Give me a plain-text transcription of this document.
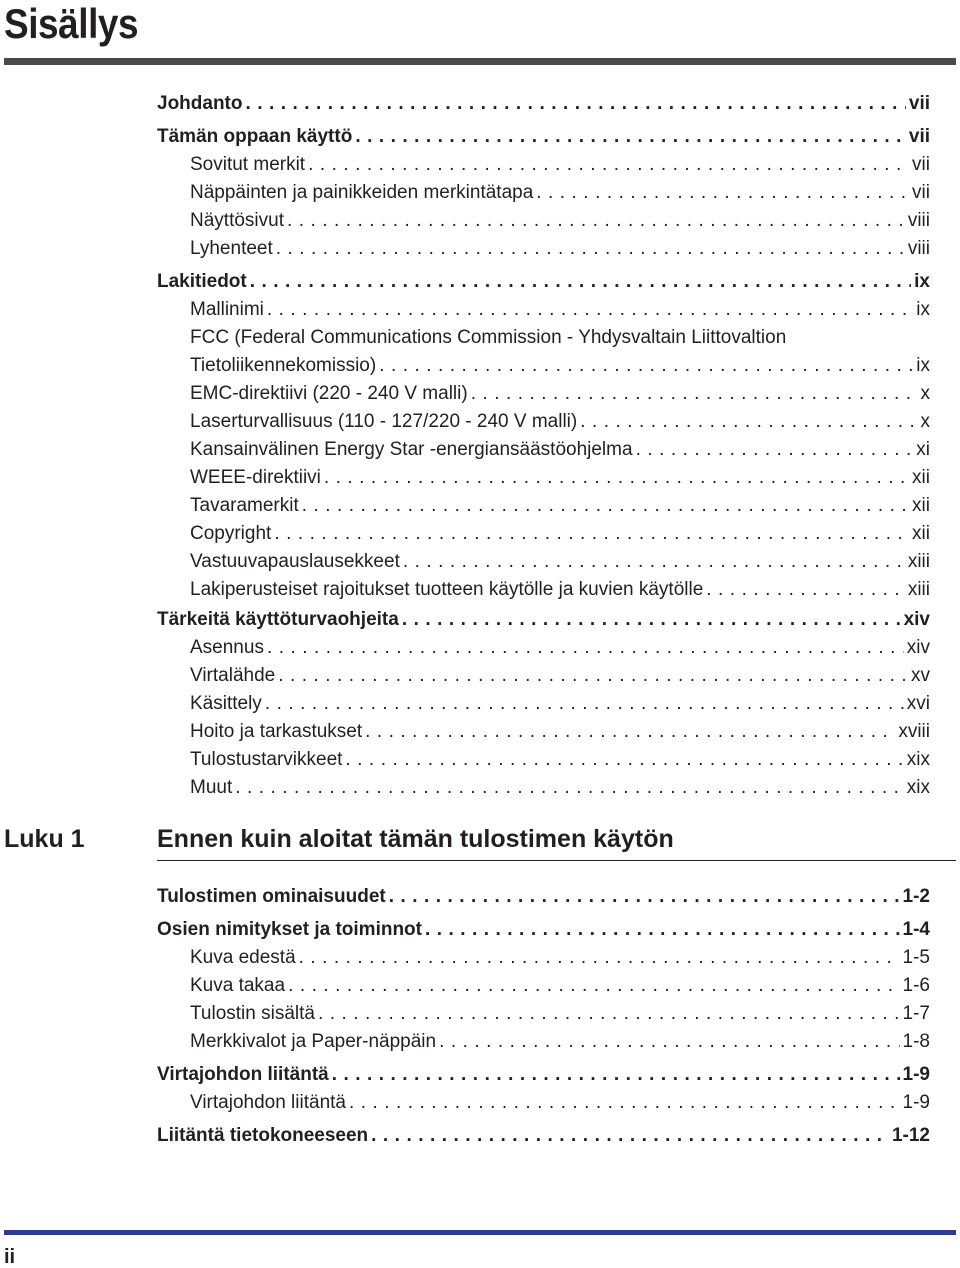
Sisällys
Johdanto . . .	vii
Tämän oppaan käyttö . . .	vii
Sovitut merkit . . .	vii
Näppäinten ja painikkeiden merkintätapa . . .	vii
Näyttösivut . . .	viii
Lyhenteet . . .	viii
Lakitiedot . . .	ix
Mallinimi . . .	ix
FCC (Federal Communications Commission - Yhdysvaltain Liittovaltion
Tietoliikennekomissio) . . .	ix
EMC-direktiivi (220 - 240 V malli) . . .	x
Laserturvallisuus (110 - 127/220 - 240 V malli) . . .	x
Kansainvälinen Energy Star -energiansäästöohjelma . . .	xi
WEEE-direktiivi . . .	xii
Tavaramerkit . . .	xii
Copyright . . .	xii
Vastuuvapauslausekkeet . . .	xiii
Lakiperusteiset rajoitukset tuotteen käytölle ja kuvien käytölle . . .	xiii
Tärkeitä käyttöturvaohjeita . . .	xiv
Asennus . . .	xiv
Virtalähde . . .	xv
Käsittely . . .	xvi
Hoito ja tarkastukset . . .	xviii
Tulostustarvikkeet . . .	xix
Muut . . .	xix
Tulostimen ominaisuudet . . .	1-2
Osien nimitykset ja toiminnot . . .	1-4
Kuva edestä . . .	1-5
Kuva takaa . . .	1-6
Tulostin sisältä . . .	1-7
Merkkivalot ja Paper-näppäin . . .	1-8
Virtajohdon liitäntä . . .	1-9
Virtajohdon liitäntä . . .	1-9
Liitäntä tietokoneeseen . . .	1-12
Luku 1	Ennen kuin aloitat tämän tulostimen käytön
ii
